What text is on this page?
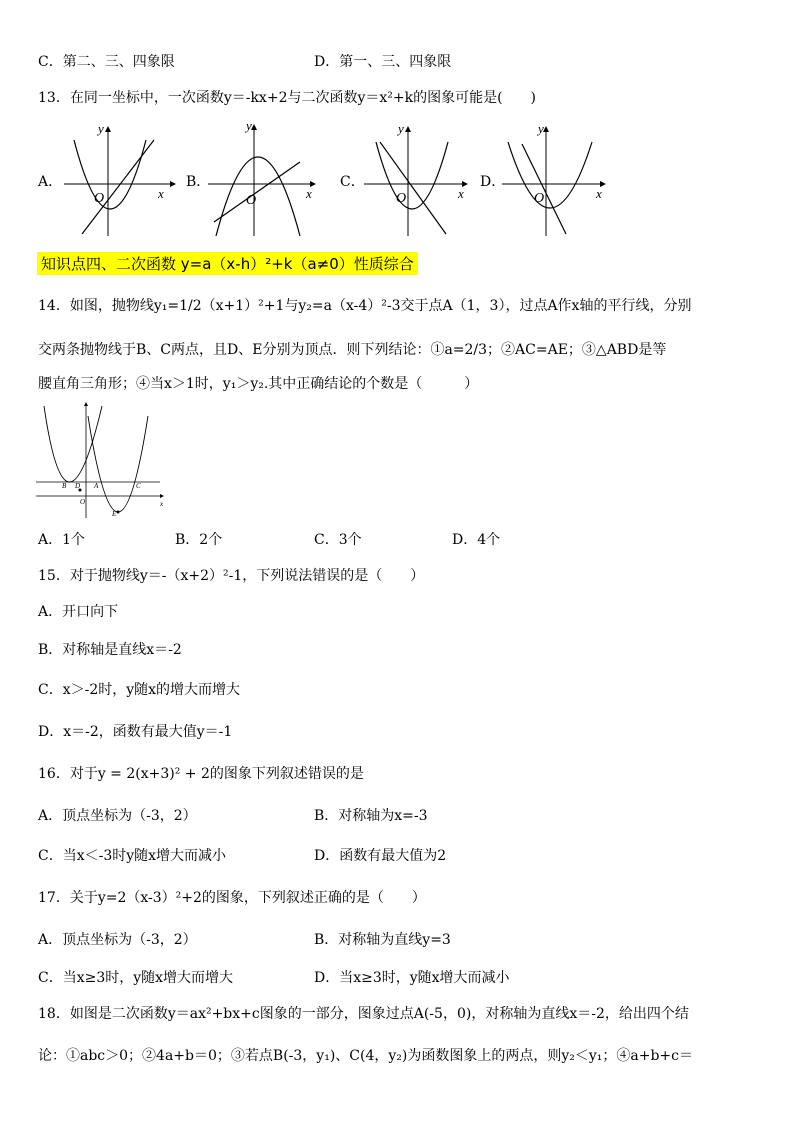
C．第二、三、四象限	D．第一、三、四象限
13．在同一坐标中，一次函数y＝-kx+2与二次函数y＝x²+k的图象可能是(　　)
A．
y
x
O
B．
y
x
O
C．
y
x
O
D．
y
x
O
知识点四、二次函数 y=a（x-h）²+k（a≠0）性质综合
14．如图，抛物线y₁=1/2（x+1）²+1与y₂=a（x-4）²-3交于点A（1，3），过点A作x轴的平行线，分别
交两条抛物线于B、C两点，且D、E分别为顶点．则下列结论：①a=2/3；②AC=AE；③△ABD是等
腰直角三角形；④当x＞1时，y₁＞y₂.其中正确结论的个数是（　　　）
B D A	C
O
E
x
A．1个	B．2个	C．3个	D．4个
15．对于抛物线y＝-（x+2）²-1，下列说法错误的是（　　）
A．开口向下
B．对称轴是直线x＝-2
C．x＞-2时，y随x的增大而增大
D．x＝-2，函数有最大值y＝-1
16．对于y = 2(x+3)² + 2的图象下列叙述错误的是
A．顶点坐标为（-3，2）	B．对称轴为x=-3
C．当x＜-3时y随x增大而减小	D．函数有最大值为2
17．关于y=2（x-3）²+2的图象，下列叙述正确的是（　　）
A．顶点坐标为（-3，2）	B．对称轴为直线y=3
C．当x≥3时，y随x增大而增大	D．当x≥3时，y随x增大而减小
18．如图是二次函数y＝ax²+bx+c图象的一部分，图象过点A(-5，0)，对称轴为直线x＝-2，给出四个结
论：①abc＞0；②4a+b＝0；③若点B(-3，y₁)、C(4，y₂)为函数图象上的两点，则y₂＜y₁；④a+b+c＝
